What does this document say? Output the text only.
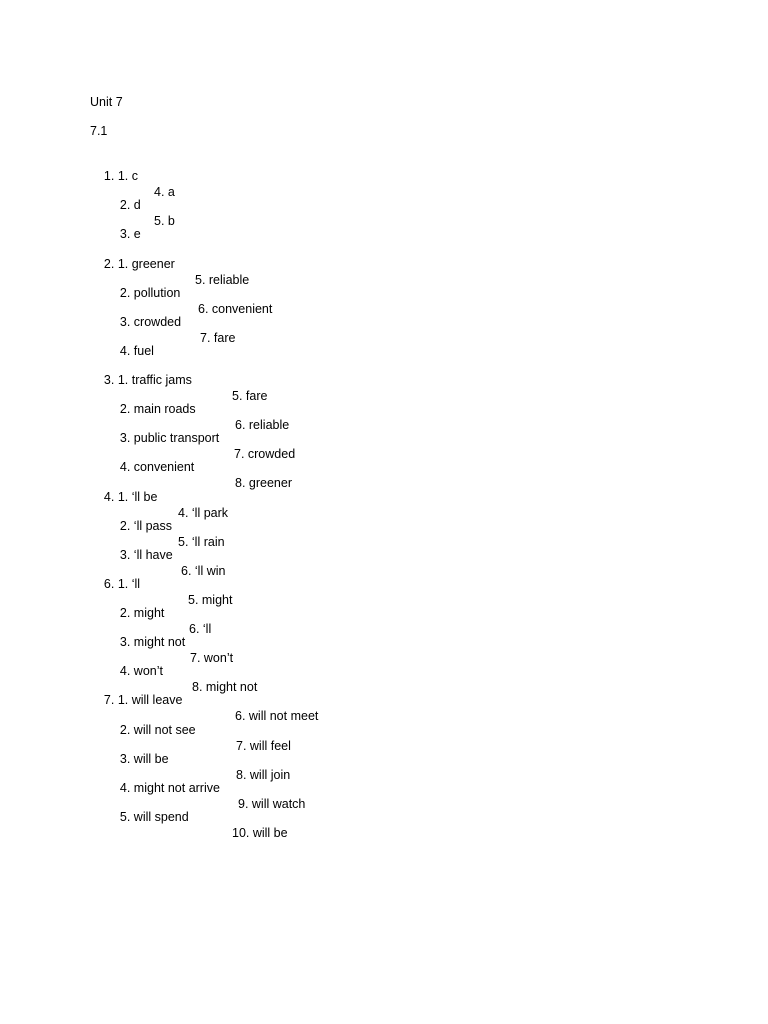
Unit 7
7.1

1. 1. c

4. a

2. d

5. b

3. e

2. 1. greener

5. reliable

2. pollution

6. convenient

3. crowded

7. fare

4. fuel

3. 1. traffic jams

5. fare

2. main roads

6. reliable

3. public transport

7. crowded

4. convenient

8. greener

4. 1. ‘ll be

4. ‘ll park

2. ‘ll pass

5. ‘ll rain

3. ‘ll have

6. ‘ll win

6. 1. ‘ll

5. might

2. might

6. ‘ll

3. might not

7. won’t

4. won’t

8. might not

7. 1. will leave

6. will not meet

2. will not see

7. will feel

3. will be

8. will join

4. might not arrive

9. will watch

5. will spend

10. will be
